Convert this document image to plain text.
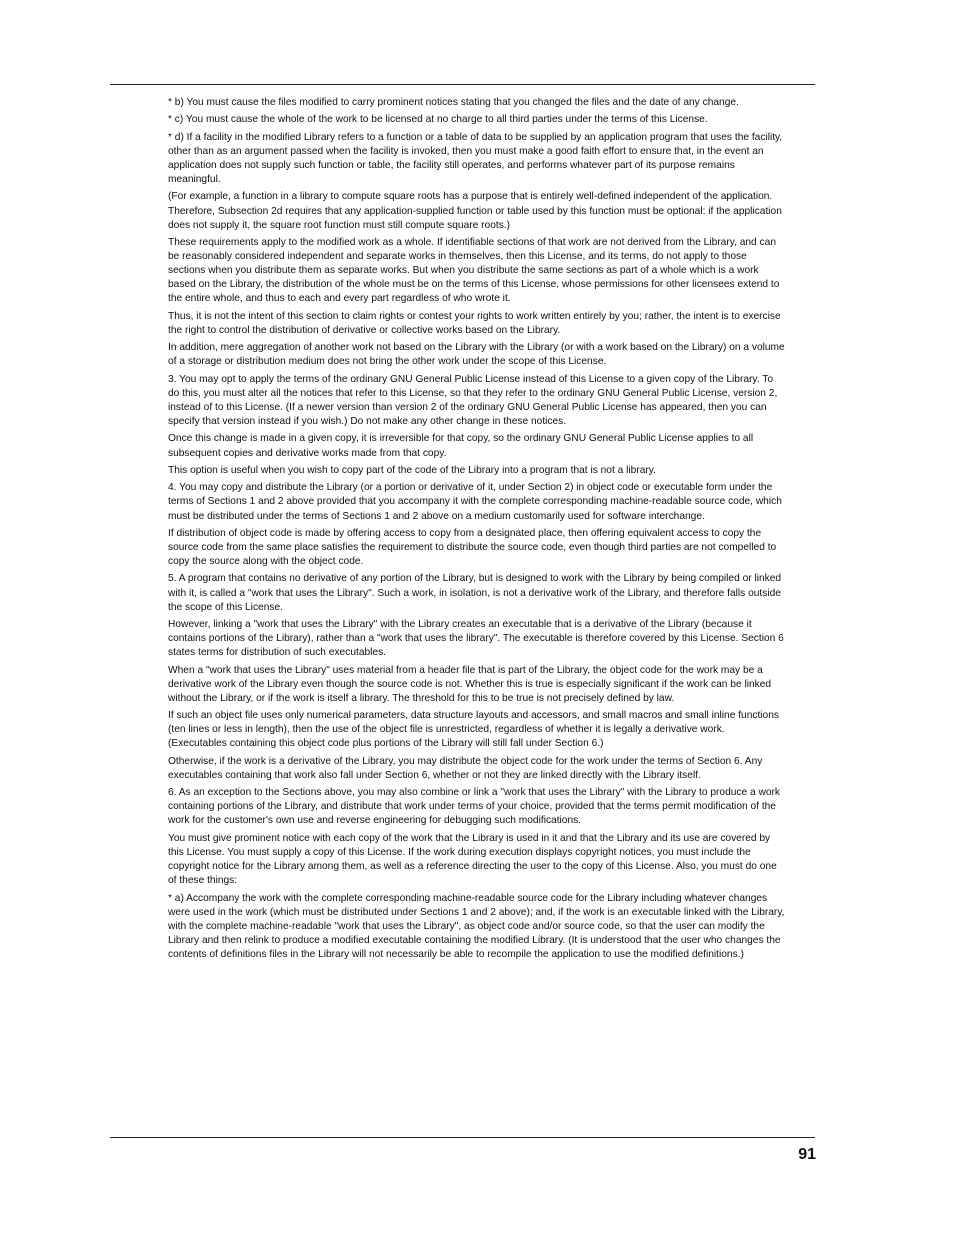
* b) You must cause the files modified to carry prominent notices stating that you changed the files and the date of any change.

* c) You must cause the whole of the work to be licensed at no charge to all third parties under the terms of this License.

* d) If a facility in the modified Library refers to a function or a table of data to be supplied by an application program that uses the facility, other than as an argument passed when the facility is invoked, then you must make a good faith effort to ensure that, in the event an application does not supply such function or table, the facility still operates, and performs whatever part of its purpose remains meaningful.

(For example, a function in a library to compute square roots has a purpose that is entirely well-defined independent of the application. Therefore, Subsection 2d requires that any application-supplied function or table used by this function must be optional: if the application does not supply it, the square root function must still compute square roots.)

These requirements apply to the modified work as a whole. If identifiable sections of that work are not derived from the Library, and can be reasonably considered independent and separate works in themselves, then this License, and its terms, do not apply to those sections when you distribute them as separate works. But when you distribute the same sections as part of a whole which is a work based on the Library, the distribution of the whole must be on the terms of this License, whose permissions for other licensees extend to the entire whole, and thus to each and every part regardless of who wrote it.

Thus, it is not the intent of this section to claim rights or contest your rights to work written entirely by you; rather, the intent is to exercise the right to control the distribution of derivative or collective works based on the Library.

In addition, mere aggregation of another work not based on the Library with the Library (or with a work based on the Library) on a volume of a storage or distribution medium does not bring the other work under the scope of this License.

3. You may opt to apply the terms of the ordinary GNU General Public License instead of this License to a given copy of the Library. To do this, you must alter all the notices that refer to this License, so that they refer to the ordinary GNU General Public License, version 2, instead of to this License. (If a newer version than version 2 of the ordinary GNU General Public License has appeared, then you can specify that version instead if you wish.) Do not make any other change in these notices.

Once this change is made in a given copy, it is irreversible for that copy, so the ordinary GNU General Public License applies to all subsequent copies and derivative works made from that copy.

This option is useful when you wish to copy part of the code of the Library into a program that is not a library.

4. You may copy and distribute the Library (or a portion or derivative of it, under Section 2) in object code or executable form under the terms of Sections 1 and 2 above provided that you accompany it with the complete corresponding machine-readable source code, which must be distributed under the terms of Sections 1 and 2 above on a medium customarily used for software interchange.

If distribution of object code is made by offering access to copy from a designated place, then offering equivalent access to copy the source code from the same place satisfies the requirement to distribute the source code, even though third parties are not compelled to copy the source along with the object code.

5. A program that contains no derivative of any portion of the Library, but is designed to work with the Library by being compiled or linked with it, is called a "work that uses the Library". Such a work, in isolation, is not a derivative work of the Library, and therefore falls outside the scope of this License.

However, linking a "work that uses the Library" with the Library creates an executable that is a derivative of the Library (because it contains portions of the Library), rather than a "work that uses the library". The executable is therefore covered by this License. Section 6 states terms for distribution of such executables.

When a "work that uses the Library" uses material from a header file that is part of the Library, the object code for the work may be a derivative work of the Library even though the source code is not. Whether this is true is especially significant if the work can be linked without the Library, or if the work is itself a library. The threshold for this to be true is not precisely defined by law.

If such an object file uses only numerical parameters, data structure layouts and accessors, and small macros and small inline functions (ten lines or less in length), then the use of the object file is unrestricted, regardless of whether it is legally a derivative work. (Executables containing this object code plus portions of the Library will still fall under Section 6.)

Otherwise, if the work is a derivative of the Library, you may distribute the object code for the work under the terms of Section 6. Any executables containing that work also fall under Section 6, whether or not they are linked directly with the Library itself.

6. As an exception to the Sections above, you may also combine or link a "work that uses the Library" with the Library to produce a work containing portions of the Library, and distribute that work under terms of your choice, provided that the terms permit modification of the work for the customer's own use and reverse engineering for debugging such modifications.

You must give prominent notice with each copy of the work that the Library is used in it and that the Library and its use are covered by this License. You must supply a copy of this License. If the work during execution displays copyright notices, you must include the copyright notice for the Library among them, as well as a reference directing the user to the copy of this License. Also, you must do one of these things:

* a) Accompany the work with the complete corresponding machine-readable source code for the Library including whatever changes were used in the work (which must be distributed under Sections 1 and 2 above); and, if the work is an executable linked with the Library, with the complete machine-readable "work that uses the Library", as object code and/or source code, so that the user can modify the Library and then relink to produce a modified executable containing the modified Library. (It is understood that the user who changes the contents of definitions files in the Library will not necessarily be able to recompile the application to use the modified definitions.)

91
